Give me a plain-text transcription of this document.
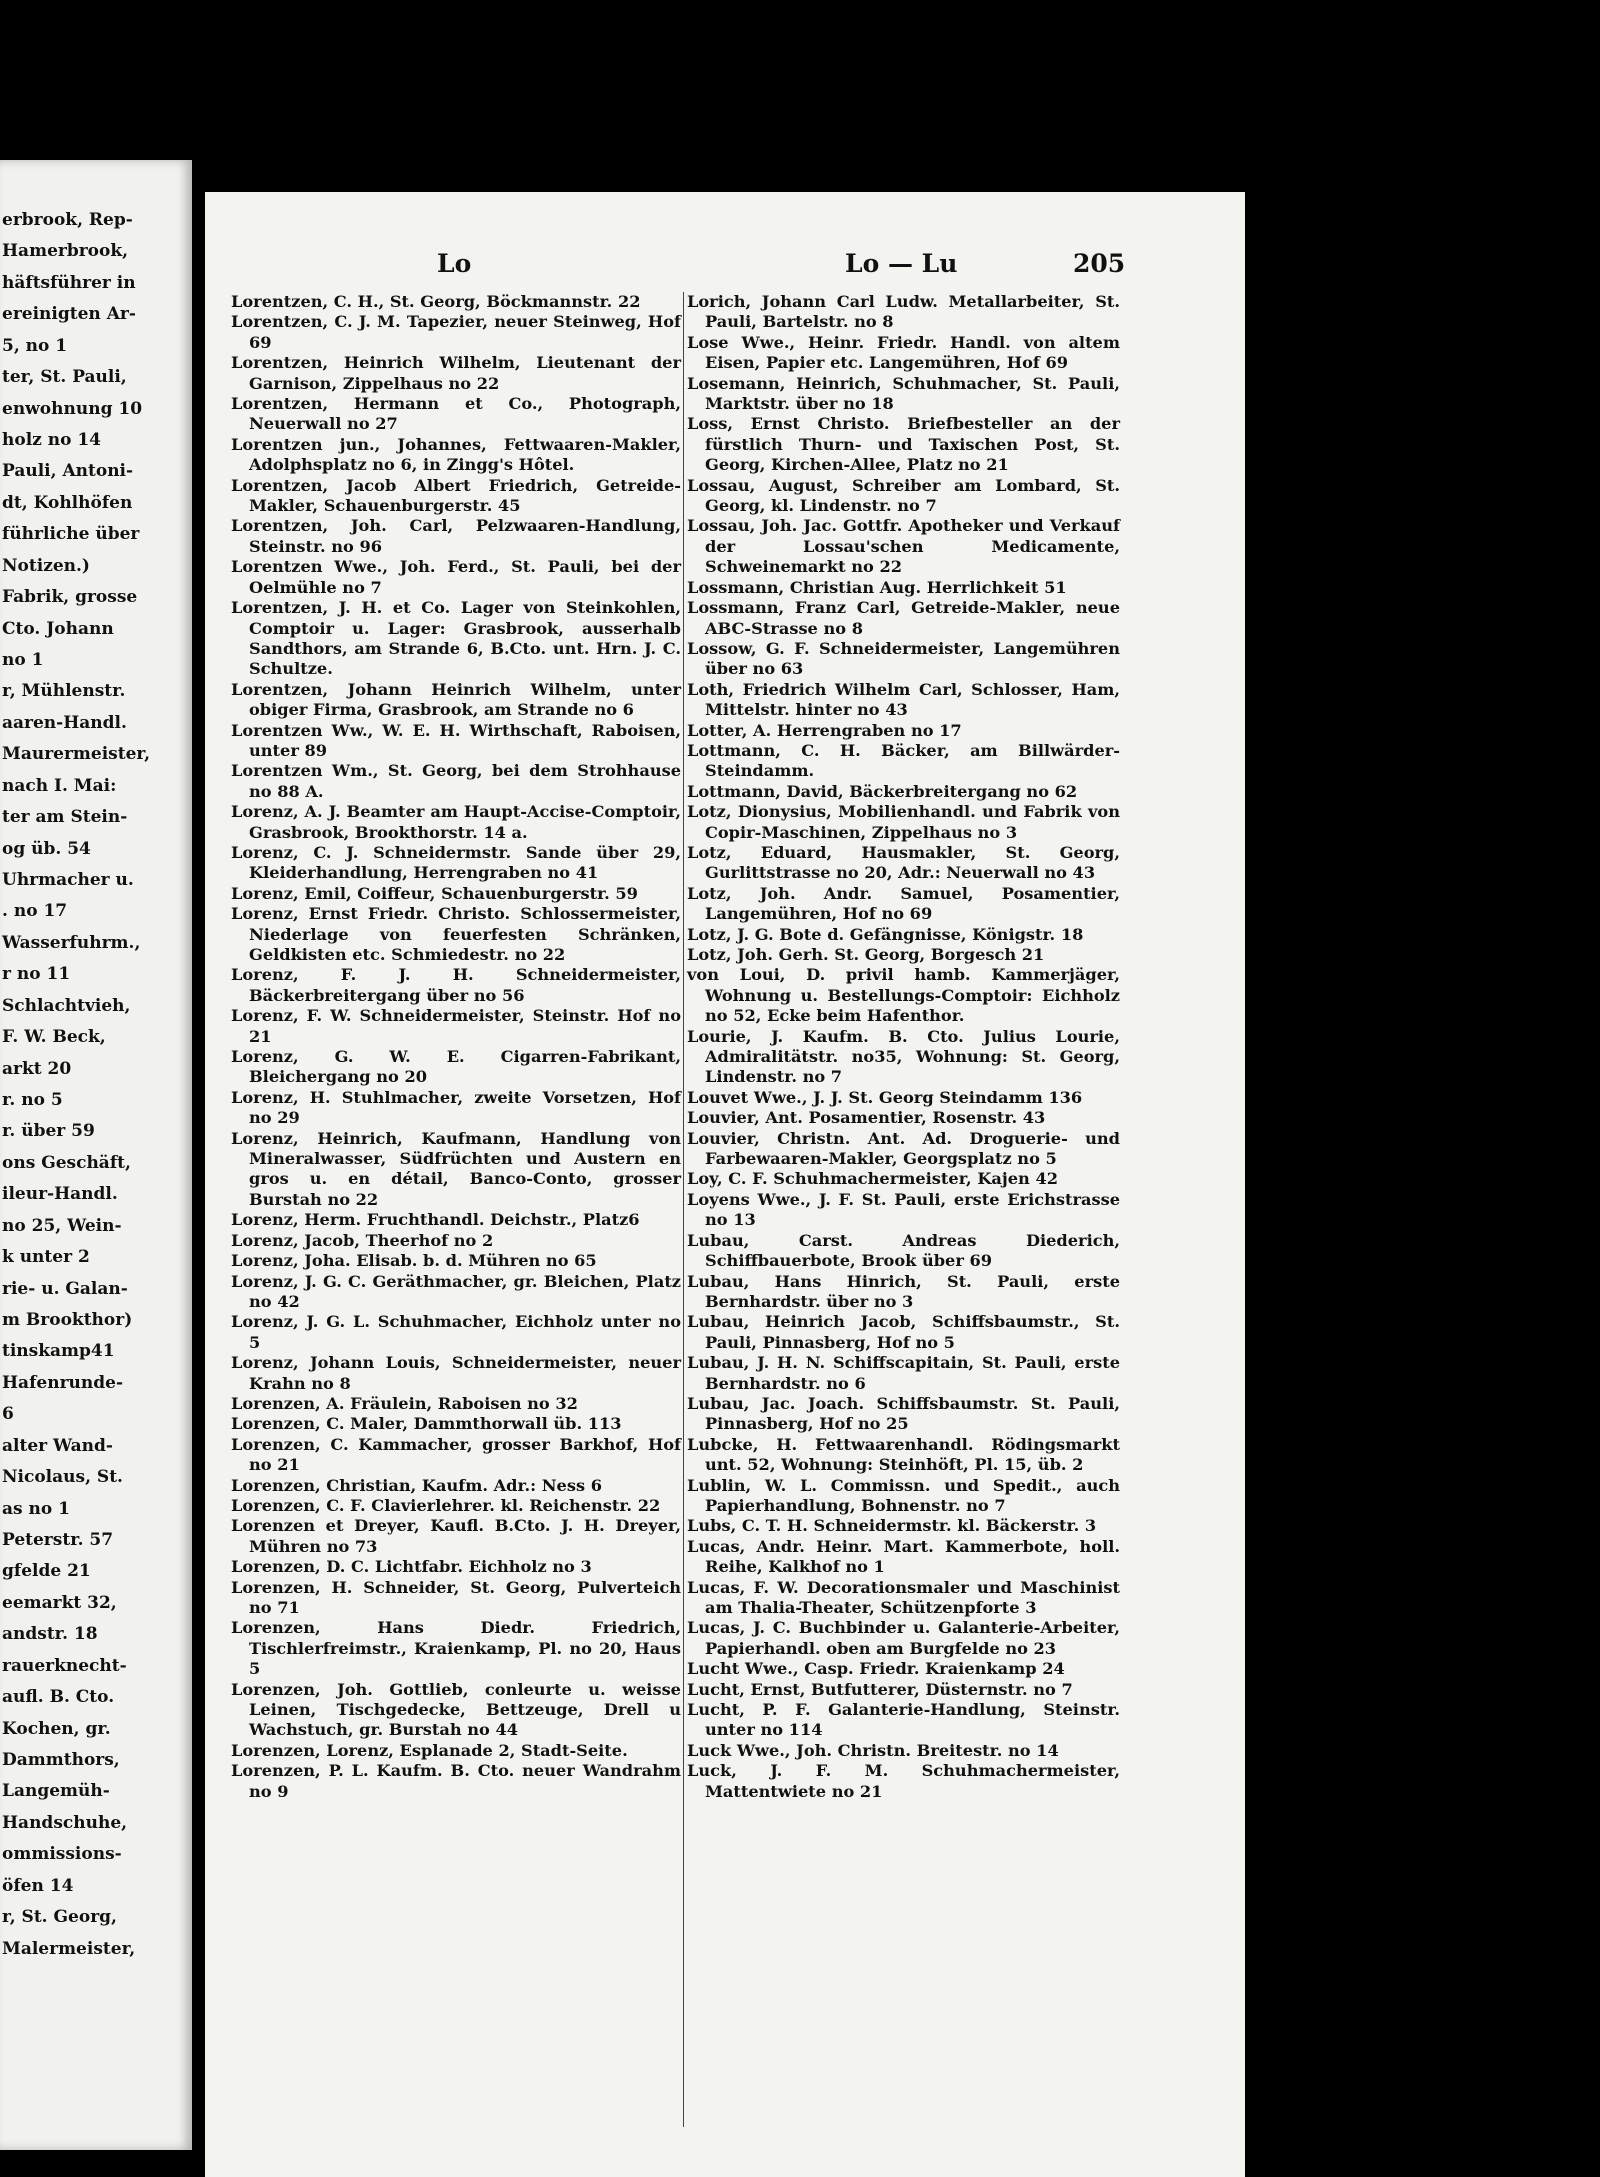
erbrook, Rep-
Hamerbrook,
häftsführer in
ereinigten Ar-
5, no 1
ter, St. Pauli,
enwohnung 10
holz no 14
Pauli, Antoni-
dt, Kohlhöfen
führliche über
Notizen.)
Fabrik, grosse
Cto. Johann
no 1
r, Mühlenstr.
aaren-Handl.
Maurermeister,
nach I. Mai:
ter am Stein-
og üb. 54
Uhrmacher u.
. no 17
Wasserfuhrm.,
r no 11
Schlachtvieh,
F. W. Beck,
arkt 20
r. no 5
r. über 59
ons Geschäft,
ileur-Handl.
no 25, Wein-
k unter 2
rie- u. Galan-
m Brookthor)
tinskamp41
Hafenrunde-
6
alter Wand-
Nicolaus, St.
as no 1
Peterstr. 57
gfelde 21
eemarkt 32,
andstr. 18
rauerknecht-
aufl. B. Cto.
Kochen, gr.
Dammthors,
Langemüh-
Handschuhe,
ommissions-
öfen 14
r, St. Georg,
Malermeister,
Lo	Lo — Lu	205
Lorentzen, C. H., St. Georg, Böckmannstr. 22
Lorentzen, C. J. M. Tapezier, neuer Steinweg, Hof 69
Lorentzen, Heinrich Wilhelm, Lieutenant der Garnison, Zippelhaus no 22
Lorentzen, Hermann et Co., Photograph, Neuerwall no 27
Lorentzen jun., Johannes, Fettwaaren-Makler, Adolphsplatz no 6, in Zingg's Hôtel.
Lorentzen, Jacob Albert Friedrich, Getreide-Makler, Schauenburgerstr. 45
Lorentzen, Joh. Carl, Pelzwaaren-Handlung, Steinstr. no 96
Lorentzen Wwe., Joh. Ferd., St. Pauli, bei der Oelmühle no 7
Lorentzen, J. H. et Co. Lager von Steinkohlen, Comptoir u. Lager: Grasbrook, ausserhalb Sandthors, am Strande 6, B.Cto. unt. Hrn. J. C. Schultze.
Lorentzen, Johann Heinrich Wilhelm, unter obiger Firma, Grasbrook, am Strande no 6
Lorentzen Ww., W. E. H. Wirthschaft, Raboisen, unter 89
Lorentzen Wm., St. Georg, bei dem Strohhause no 88 A.
Lorenz, A. J. Beamter am Haupt-Accise-Comptoir, Grasbrook, Brookthorstr. 14 a.
Lorenz, C. J. Schneidermstr. Sande über 29, Kleiderhandlung, Herrengraben no 41
Lorenz, Emil, Coiffeur, Schauenburgerstr. 59
Lorenz, Ernst Friedr. Christo. Schlossermeister, Niederlage von feuerfesten Schränken, Geldkisten etc. Schmiedestr. no 22
Lorenz, F. J. H. Schneidermeister, Bäckerbreitergang über no 56
Lorenz, F. W. Schneidermeister, Steinstr. Hof no 21
Lorenz, G. W. E. Cigarren-Fabrikant, Bleichergang no 20
Lorenz, H. Stuhlmacher, zweite Vorsetzen, Hof no 29
Lorenz, Heinrich, Kaufmann, Handlung von Mineralwasser, Südfrüchten und Austern en gros u. en détail, Banco-Conto, grosser Burstah no 22
Lorenz, Herm. Fruchthandl. Deichstr., Platz6
Lorenz, Jacob, Theerhof no 2
Lorenz, Joha. Elisab. b. d. Mühren no 65
Lorenz, J. G. C. Geräthmacher, gr. Bleichen, Platz no 42
Lorenz, J. G. L. Schuhmacher, Eichholz unter no 5
Lorenz, Johann Louis, Schneidermeister, neuer Krahn no 8
Lorenzen, A. Fräulein, Raboisen no 32
Lorenzen, C. Maler, Dammthorwall üb. 113
Lorenzen, C. Kammacher, grosser Barkhof, Hof no 21
Lorenzen, Christian, Kaufm. Adr.: Ness 6
Lorenzen, C. F. Clavierlehrer. kl. Reichenstr. 22
Lorenzen et Dreyer, Kaufl. B.Cto. J. H. Dreyer, Mühren no 73
Lorenzen, D. C. Lichtfabr. Eichholz no 3
Lorenzen, H. Schneider, St. Georg, Pulverteich no 71
Lorenzen, Hans Diedr. Friedrich, Tischlerfreimstr., Kraienkamp, Pl. no 20, Haus 5
Lorenzen, Joh. Gottlieb, conleurte u. weisse Leinen, Tischgedecke, Bettzeuge, Drell u Wachstuch, gr. Burstah no 44
Lorenzen, Lorenz, Esplanade 2, Stadt-Seite.
Lorenzen, P. L. Kaufm. B. Cto. neuer Wandrahm no 9
Lorich, Johann Carl Ludw. Metallarbeiter, St. Pauli, Bartelstr. no 8
Lose Wwe., Heinr. Friedr. Handl. von altem Eisen, Papier etc. Langemühren, Hof 69
Losemann, Heinrich, Schuhmacher, St. Pauli, Marktstr. über no 18
Loss, Ernst Christo. Briefbesteller an der fürstlich Thurn- und Taxischen Post, St. Georg, Kirchen-Allee, Platz no 21
Lossau, August, Schreiber am Lombard, St. Georg, kl. Lindenstr. no 7
Lossau, Joh. Jac. Gottfr. Apotheker und Verkauf der Lossau'schen Medicamente, Schweinemarkt no 22
Lossmann, Christian Aug. Herrlichkeit 51
Lossmann, Franz Carl, Getreide-Makler, neue ABC-Strasse no 8
Lossow, G. F. Schneidermeister, Langemühren über no 63
Loth, Friedrich Wilhelm Carl, Schlosser, Ham, Mittelstr. hinter no 43
Lotter, A. Herrengraben no 17
Lottmann, C. H. Bäcker, am Billwärder-Steindamm.
Lottmann, David, Bäckerbreitergang no 62
Lotz, Dionysius, Mobilienhandl. und Fabrik von Copir-Maschinen, Zippelhaus no 3
Lotz, Eduard, Hausmakler, St. Georg, Gurlittstrasse no 20, Adr.: Neuerwall no 43
Lotz, Joh. Andr. Samuel, Posamentier, Langemühren, Hof no 69
Lotz, J. G. Bote d. Gefängnisse, Königstr. 18
Lotz, Joh. Gerh. St. Georg, Borgesch 21
von Loui, D. privil hamb. Kammerjäger, Wohnung u. Bestellungs-Comptoir: Eichholz no 52, Ecke beim Hafenthor.
Lourie, J. Kaufm. B. Cto. Julius Lourie, Admiralitätstr. no35, Wohnung: St. Georg, Lindenstr. no 7
Louvet Wwe., J. J. St. Georg Steindamm 136
Louvier, Ant. Posamentier, Rosenstr. 43
Louvier, Christn. Ant. Ad. Droguerie- und Farbewaaren-Makler, Georgsplatz no 5
Loy, C. F. Schuhmachermeister, Kajen 42
Loyens Wwe., J. F. St. Pauli, erste Erichstrasse no 13
Lubau, Carst. Andreas Diederich, Schiffbauerbote, Brook über 69
Lubau, Hans Hinrich, St. Pauli, erste Bernhardstr. über no 3
Lubau, Heinrich Jacob, Schiffsbaumstr., St. Pauli, Pinnasberg, Hof no 5
Lubau, J. H. N. Schiffscapitain, St. Pauli, erste Bernhardstr. no 6
Lubau, Jac. Joach. Schiffsbaumstr. St. Pauli, Pinnasberg, Hof no 25
Lubcke, H. Fettwaarenhandl. Rödingsmarkt unt. 52, Wohnung: Steinhöft, Pl. 15, üb. 2
Lublin, W. L. Commissn. und Spedit., auch Papierhandlung, Bohnenstr. no 7
Lubs, C. T. H. Schneidermstr. kl. Bäckerstr. 3
Lucas, Andr. Heinr. Mart. Kammerbote, holl. Reihe, Kalkhof no 1
Lucas, F. W. Decorationsmaler und Maschinist am Thalia-Theater, Schützenpforte 3
Lucas, J. C. Buchbinder u. Galanterie-Arbeiter, Papierhandl. oben am Burgfelde no 23
Lucht Wwe., Casp. Friedr. Kraienkamp 24
Lucht, Ernst, Butfutterer, Düsternstr. no 7
Lucht, P. F. Galanterie-Handlung, Steinstr. unter no 114
Luck Wwe., Joh. Christn. Breitestr. no 14
Luck, J. F. M. Schuhmachermeister, Mattentwiete no 21
